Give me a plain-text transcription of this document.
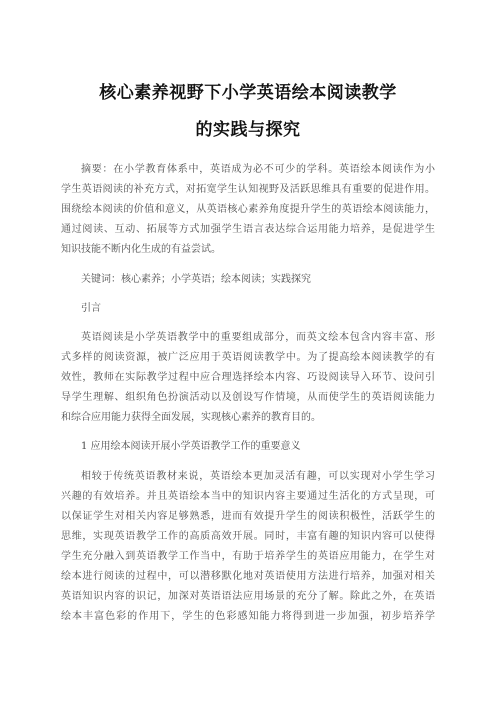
核心素养视野下小学英语绘本阅读教学
的实践与探究
摘要：在小学教育体系中，英语成为必不可少的学科。英语绘本阅读作为小
学生英语阅读的补充方式，对拓宽学生认知视野及活跃思维具有重要的促进作用。
围绕绘本阅读的价值和意义，从英语核心素养角度提升学生的英语绘本阅读能力，
通过阅读、互动、拓展等方式加强学生语言表达综合运用能力培养，是促进学生
知识技能不断内化生成的有益尝试。
关键词：核心素养；小学英语；绘本阅读；实践探究
引言
英语阅读是小学英语教学中的重要组成部分，而英文绘本包含内容丰富、形
式多样的阅读资源，被广泛应用于英语阅读教学中。为了提高绘本阅读教学的有
效性，教师在实际教学过程中应合理选择绘本内容、巧设阅读导入环节、设问引
导学生理解、组织角色扮演活动以及创设写作情境，从而使学生的英语阅读能力
和综合应用能力获得全面发展，实现核心素养的教育目的。
1 应用绘本阅读开展小学英语教学工作的重要意义
相较于传统英语教材来说，英语绘本更加灵活有趣，可以实现对小学生学习
兴趣的有效培养。并且英语绘本当中的知识内容主要通过生活化的方式呈现，可
以保证学生对相关内容足够熟悉，进而有效提升学生的阅读积极性，活跃学生的
思维，实现英语教学工作的高质高效开展。同时，丰富有趣的知识内容可以使得
学生充分融入到英语教学工作当中，有助于培养学生的英语应用能力，在学生对
绘本进行阅读的过程中，可以潜移默化地对英语使用方法进行培养，加强对相关
英语知识内容的识记，加深对英语语法应用场景的充分了解。除此之外，在英语
绘本丰富色彩的作用下，学生的色彩感知能力将得到进一步加强，初步培养学
